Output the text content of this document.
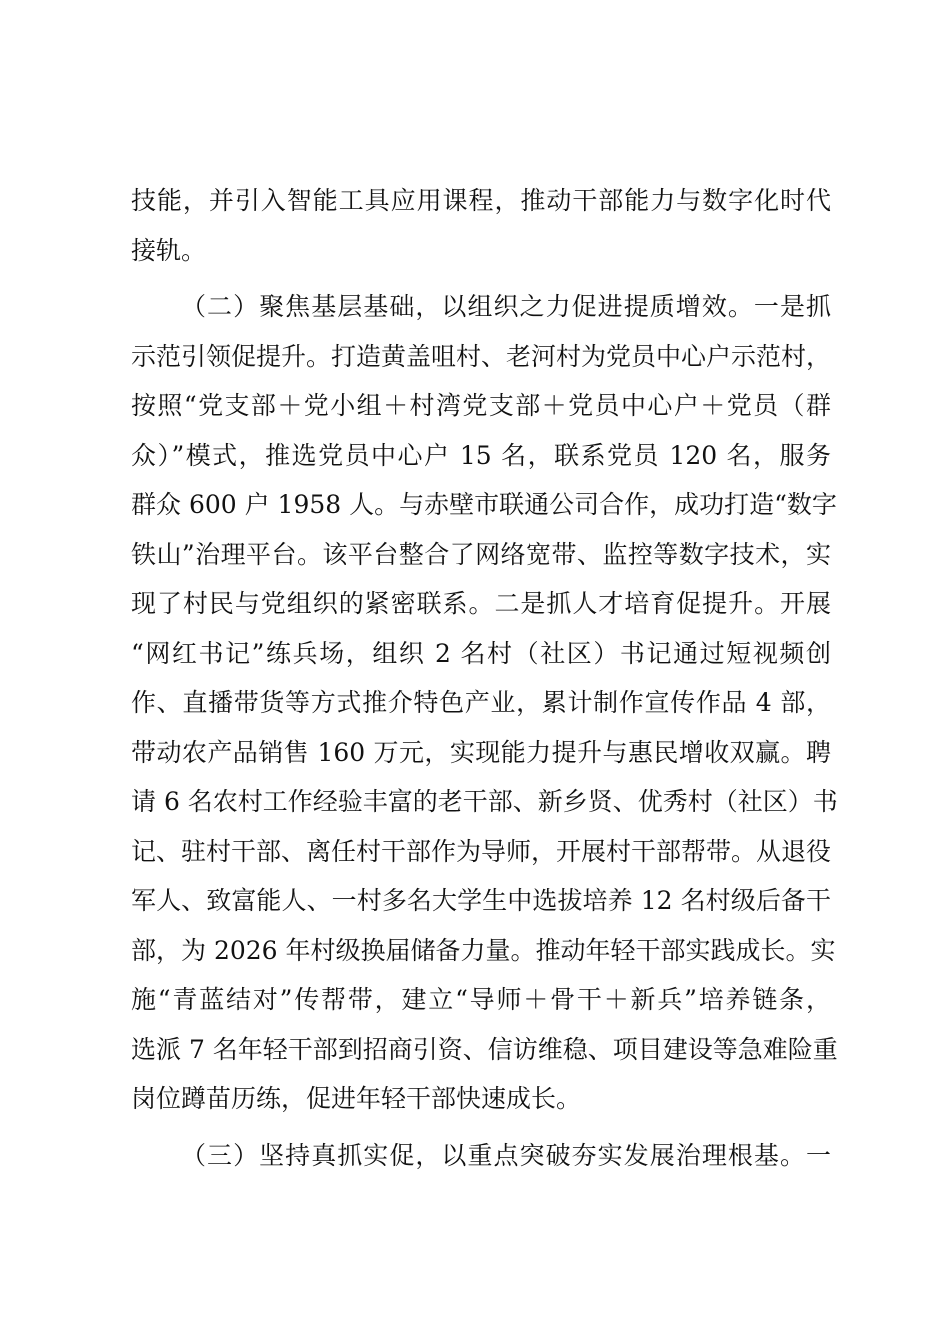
技能，并引入智能工具应用课程，推动干部能力与数字化时代
接轨。
（二）聚焦基层基础，以组织之力促进提质增效。一是抓
示范引领促提升。打造黄盖咀村、老河村为党员中心户示范村，
按照“党支部＋党小组＋村湾党支部＋党员中心户＋党员（群
众）”模式，推选党员中心户 15 名，联系党员 120 名，服务
群众 600 户 1958 人。与赤壁市联通公司合作，成功打造“数字
铁山”治理平台。该平台整合了网络宽带、监控等数字技术，实
现了村民与党组织的紧密联系。二是抓人才培育促提升。开展
“网红书记”练兵场，组织 2 名村（社区）书记通过短视频创
作、直播带货等方式推介特色产业，累计制作宣传作品 4 部，
带动农产品销售 160 万元，实现能力提升与惠民增收双赢。聘
请 6 名农村工作经验丰富的老干部、新乡贤、优秀村（社区）书
记、驻村干部、离任村干部作为导师，开展村干部帮带。从退役
军人、致富能人、一村多名大学生中选拔培养 12 名村级后备干
部，为 2026 年村级换届储备力量。推动年轻干部实践成长。实
施“青蓝结对”传帮带，建立“导师＋骨干＋新兵”培养链条，
选派 7 名年轻干部到招商引资、信访维稳、项目建设等急难险重
岗位蹲苗历练，促进年轻干部快速成长。
（三）坚持真抓实促，以重点突破夯实发展治理根基。一
